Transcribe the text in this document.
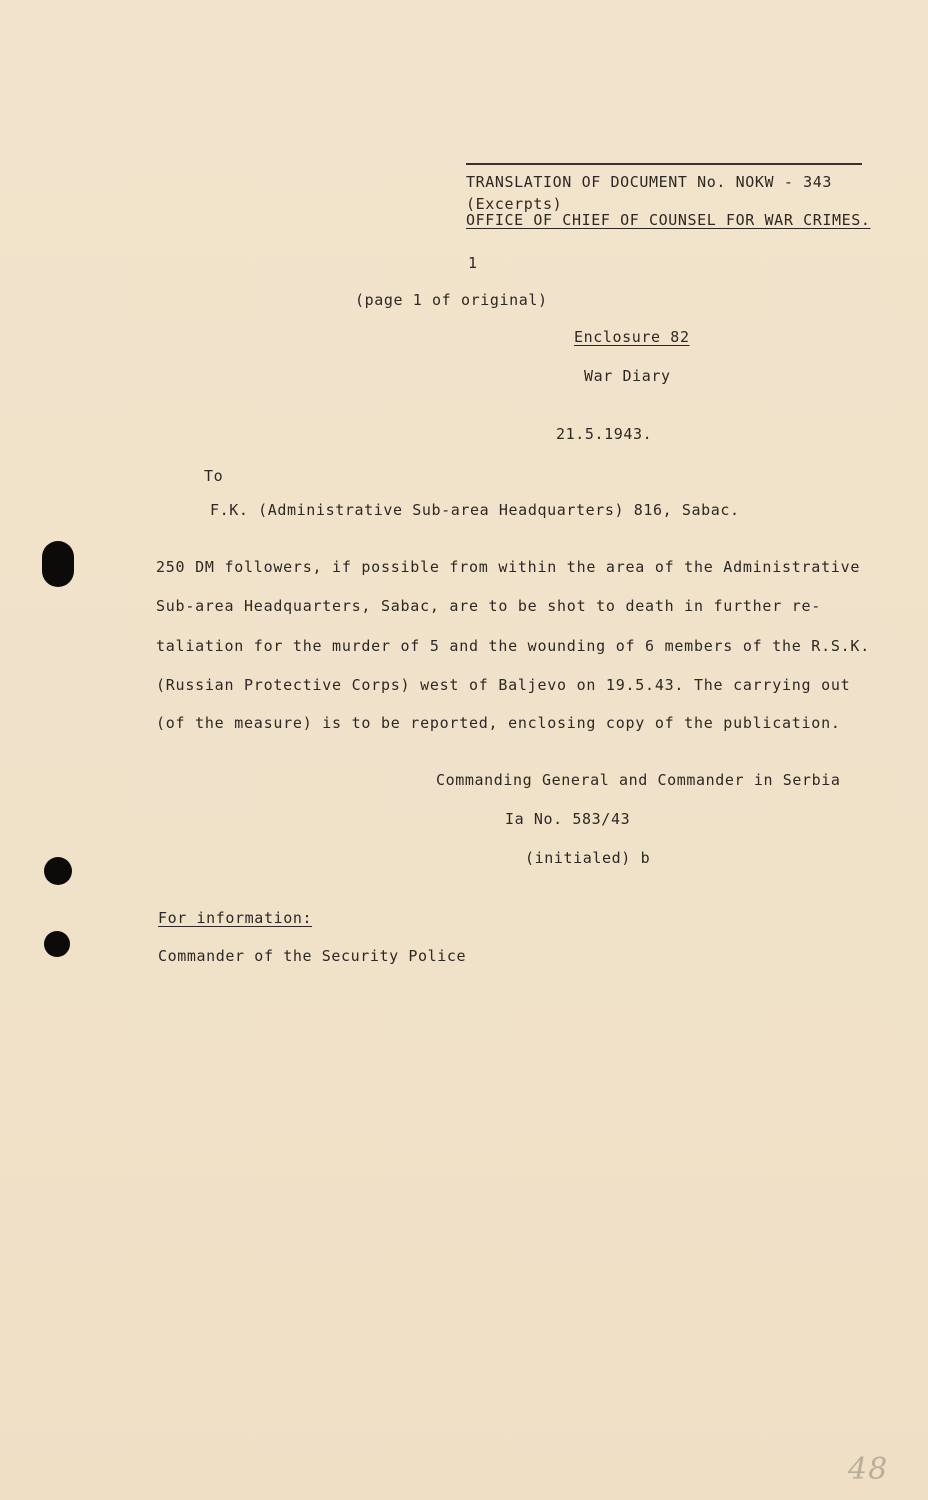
TRANSLATION OF DOCUMENT No. NOKW - 343
(Excerpts)
OFFICE OF CHIEF OF COUNSEL FOR WAR CRIMES.
1
(page 1 of original)
Enclosure 82
War Diary
21.5.1943.
To
F.K. (Administrative Sub-area Headquarters) 816, Sabac.
250 DM followers, if possible from within the area of the Administrative
Sub-area Headquarters, Sabac, are to be shot to death in further re-
taliation for the murder of 5 and the wounding of 6 members of the R.S.K.
(Russian Protective Corps) west of Baljevo on 19.5.43. The carrying out
(of the measure) is to be reported, enclosing copy of the publication.
Commanding General and Commander in Serbia
Ia No. 583/43
(initialed) b
For information:
Commander of the Security Police
48
